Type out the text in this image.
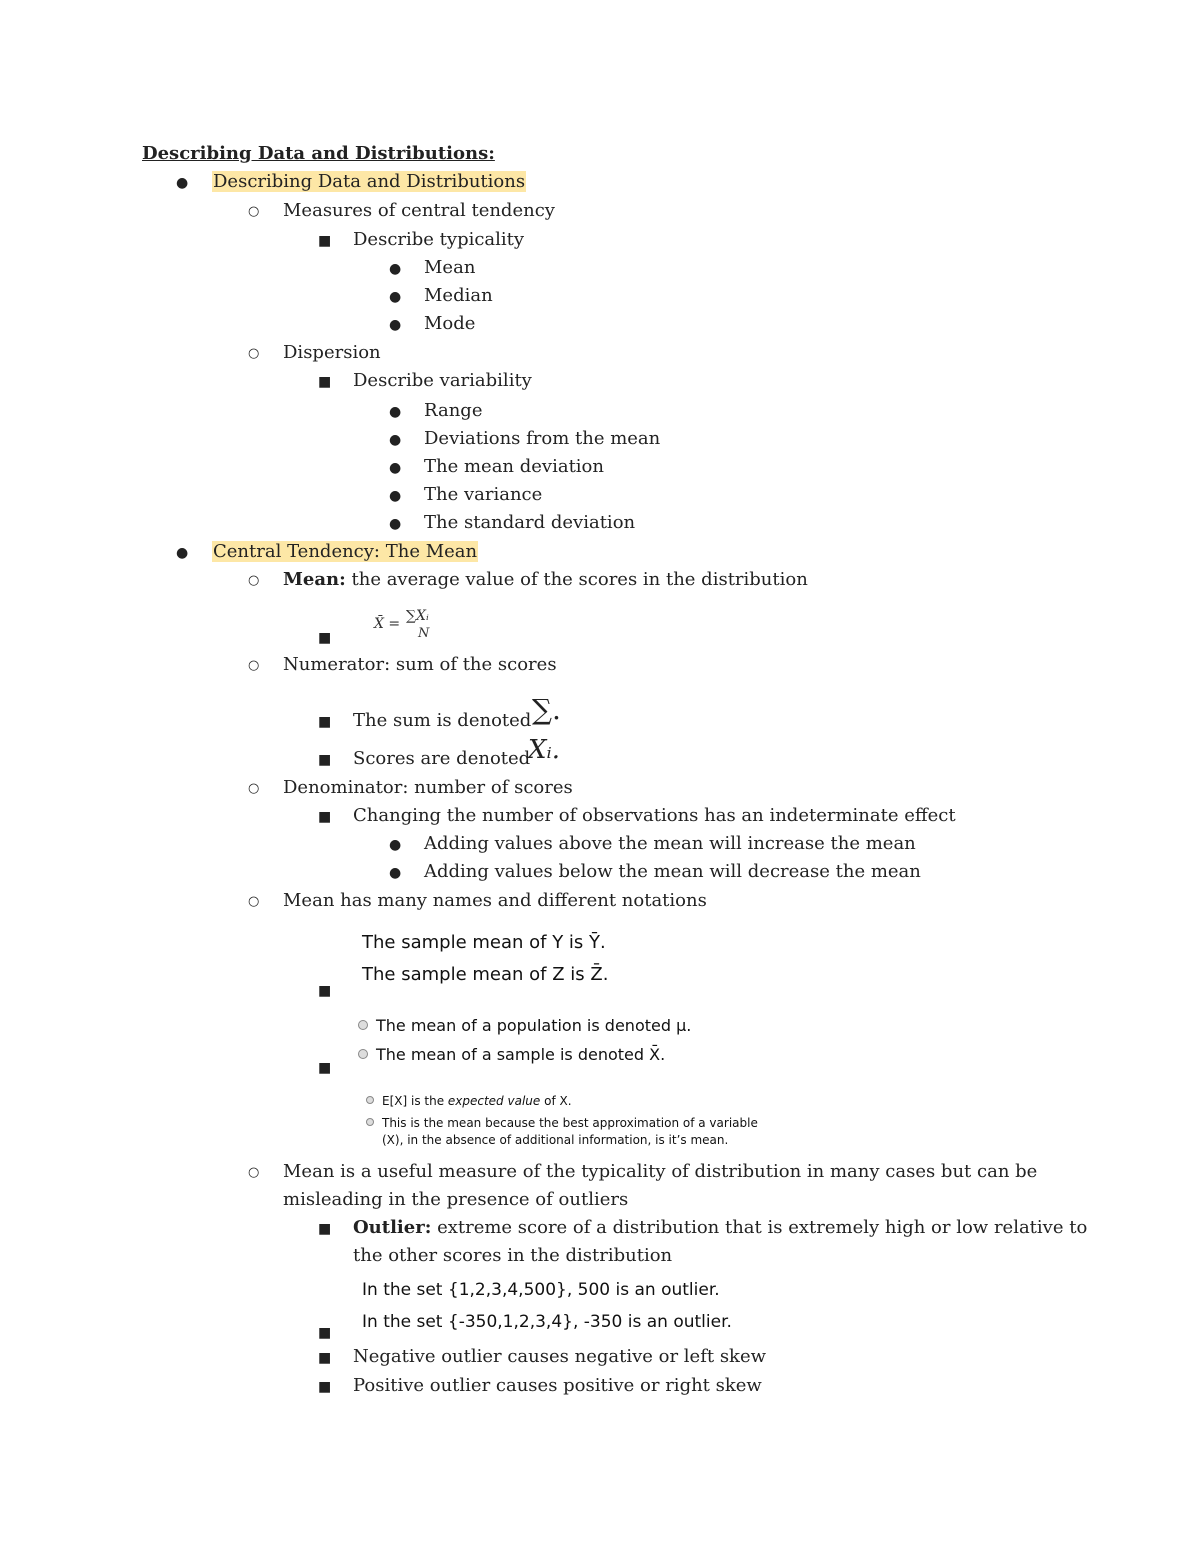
Describing Data and Distributions:
● Describing Data and Distributions
○ Measures of central tendency
■ Describe typicality
● Mean
● Median
● Mode
○ Dispersion
■ Describe variability
● Range
● Deviations from the mean
● The mean deviation
● The variance
● The standard deviation
● Central Tendency: The Mean
○ Mean: the average value of the scores in the distribution
■
X̄ = ∑Xᵢ
N
○ Numerator: sum of the scores
■ The sum is denoted ∑.
■ Scores are denoted
Xᵢ.
○ Denominator: number of scores
■ Changing the number of observations has an indeterminate effect
● Adding values above the mean will increase the mean
● Adding values below the mean will decrease the mean
○ Mean has many names and different notations
■
The sample mean of Y is Ȳ.
The sample mean of Z is Z̄.
■
The mean of a population is denoted μ.
The mean of a sample is denoted X̄.
E[X] is the expected value of X.
This is the mean because the best approximation of a variable
(X), in the absence of additional information, is it’s mean.
○ Mean is a useful measure of the typicality of distribution in many cases but can be
misleading in the presence of outliers
■ Outlier: extreme score of a distribution that is extremely high or low relative to
the other scores in the distribution
■
In the set {1,2,3,4,500}, 500 is an outlier.
In the set {-350,1,2,3,4}, -350 is an outlier.
■ Negative outlier causes negative or left skew
■ Positive outlier causes positive or right skew
